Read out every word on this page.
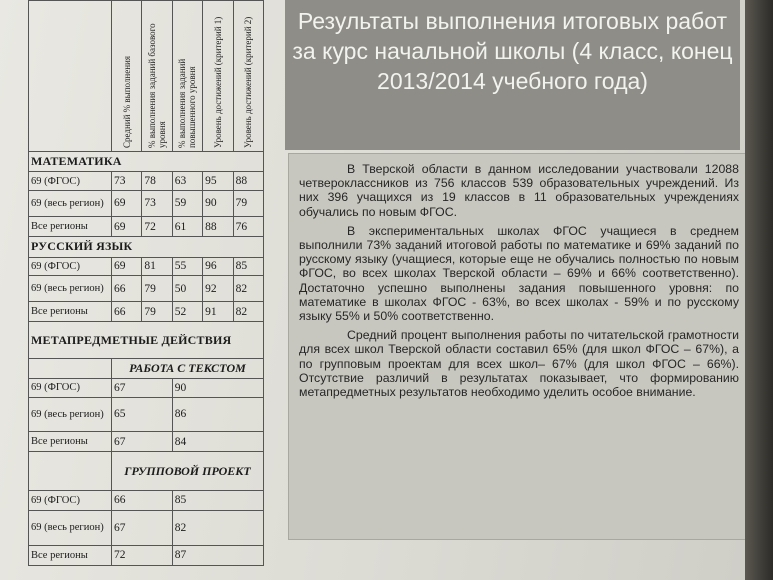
	Средний % выполнения	% выполнения заданий базового уровня	% выполнения заданий повышенного уровня	Уровень достижений (критерий 1)	Уровень достижений (критерий 2)

МАТЕМАТИКА					
69 (ФГОС)	73	78	63	95	88
69 (весь регион)	69	73	59	90	79
Все регионы	69	72	61	88	76
РУССКИЙ ЯЗЫК					
69 (ФГОС)	69	81	55	96	85
69 (весь регион)	66	79	50	92	82
Все регионы	66	79	52	91	82
МЕТАПРЕДМЕТНЫЕ ДЕЙСТВИЯ					
	РАБОТА С ТЕКСТОМ				
69 (ФГОС)	67		90		
69 (весь регион)	65		86		
Все регионы	67		84		
	ГРУППОВОЙ ПРОЕКТ				
69 (ФГОС)	66		85		
69 (весь регион)	67		82		
Все регионы	72		87		
Результаты выполнения итоговых работ за курс начальной школы (4 класс, конец 2013/2014 учебного года)

В Тверской области в данном исследовании участвовали 12088 четвероклассников из 756 классов 539 образовательных учреждений. Из них 396 учащихся из 19 классов в 11 образовательных учреждениях обучались по новым ФГОС.

В экспериментальных школах ФГОС учащиеся в среднем выполнили 73% заданий итоговой работы по математике и 69% заданий по русскому языку (учащиеся, которые еще не обучались полностью по новым ФГОС, во всех школах Тверской области – 69% и 66% соответственно). Достаточно успешно выполнены задания повышенного уровня: по математике в школах ФГОС - 63%, во всех школах - 59% и по русскому языку 55% и 50% соответственно.

Средний процент выполнения работы по читательской грамотности для всех школ Тверской области составил 65% (для школ ФГОС – 67%), а по групповым проектам для всех школ– 67% (для школ ФГОС – 66%). Отсутствие различий в результатах показывает, что формированию метапредметных результатов необходимо уделить особое внимание.
